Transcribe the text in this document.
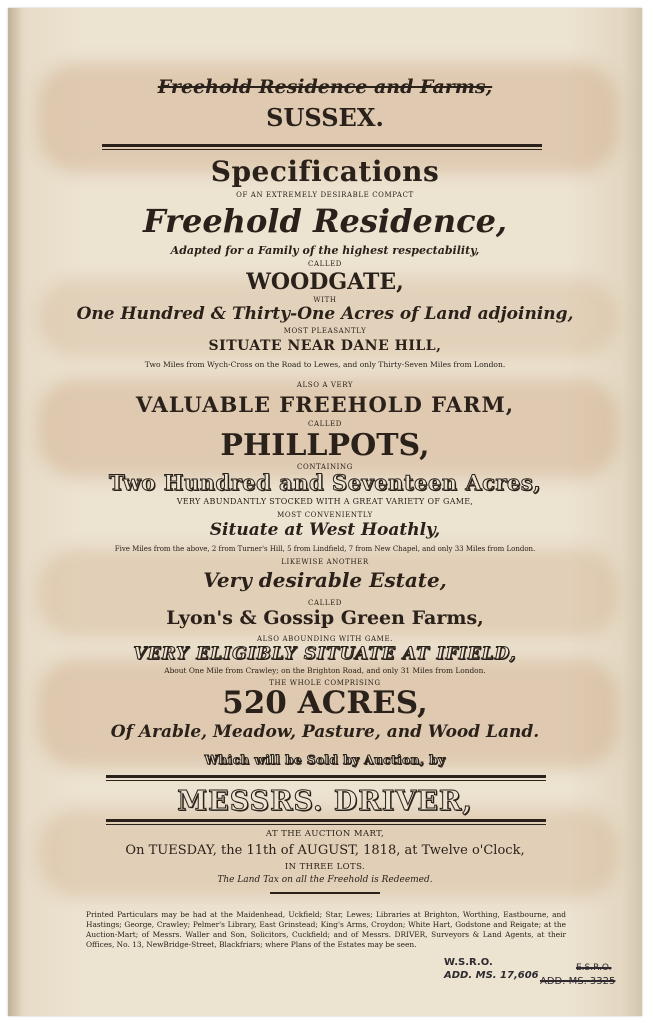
Freehold Residence and Farms,
SUSSEX.
Specifications
OF AN EXTREMELY DESIRABLE COMPACT
Freehold Residence,
Adapted for a Family of the highest respectability,
CALLED
WOODGATE,
WITH
One Hundred & Thirty-One Acres of Land adjoining,
MOST PLEASANTLY
SITUATE NEAR DANE HILL,
Two Miles from Wych-Cross on the Road to Lewes, and only Thirty-Seven Miles from London.
ALSO A VERY
VALUABLE FREEHOLD FARM,
CALLED
PHILLPOTS,
CONTAINING
Two Hundred and Seventeen Acres,
VERY ABUNDANTLY STOCKED WITH A GREAT VARIETY OF GAME,
MOST CONVENIENTLY
Situate at West Hoathly,
Five Miles from the above, 2 from Turner's Hill, 5 from Lindfield, 7 from New Chapel, and only 33 Miles from London.
LIKEWISE ANOTHER
Very desirable Estate,
CALLED
Lyon's & Gossip Green Farms,
ALSO ABOUNDING WITH GAME.
VERY ELIGIBLY SITUATE AT IFIELD,
About One Mile from Crawley; on the Brighton Road, and only 31 Miles from London.
THE WHOLE COMPRISING
520 ACRES,
Of Arable, Meadow, Pasture, and Wood Land.
Which will be Sold by Auction, by
MESSRS. DRIVER,
AT THE AUCTION MART,
On TUESDAY, the 11th of AUGUST, 1818, at Twelve o'Clock,
IN THREE LOTS.
The Land Tax on all the Freehold is Redeemed.
Printed Particulars may be had at the Maidenhead, Uckfield; Star, Lewes; Libraries at Brighton, Worthing, Eastbourne, and Hastings; George, Crawley; Pelmer's Library, East Grinstead; King's Arms, Croydon; White Hart, Godstone and Reigate; at the Auction-Mart; of Messrs. Waller and Son, Solicitors, Cuckfield; and of Messrs. DRIVER, Surveyors & Land Agents, at their Offices, No. 13, NewBridge-Street, Blackfriars; where Plans of the Estates may be seen.
W.S.R.O.
ADD. MS. 17,606
E.S.R.O.
ADD. MS. 3325
